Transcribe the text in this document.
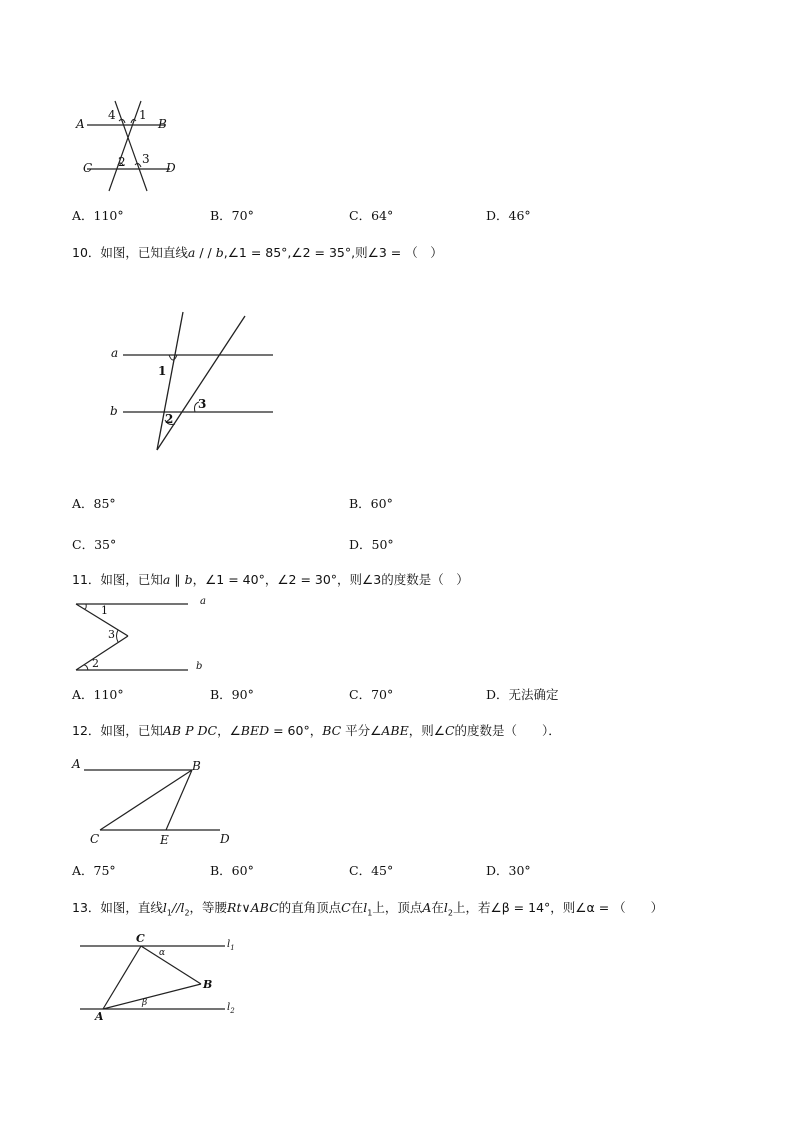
A	B
C	D
1
2 3
4
A．110°	B．70°	C．64°	D．46°
10．如图，已知直线a / / b,∠1 = 85°,∠2 = 35°,则∠3 = （　）
a
b
1
2
3
A．85°	B．60°
C．35°	D．50°
11．如图，已知a ∥ b，∠1 = 40°，∠2 = 30°，则∠3的度数是（　）
1
3
2
a
b
A．110°	B．90°	C．70°	D．无法确定
12．如图，已知AB P DC，∠BED = 60°，BC 平分∠ABE，则∠C的度数是（　　）．
A	B
C	E	D
A．75°	B．60°	C．45°	D．30°
13．如图，直线$l_1//l_2$，等腰Rt∨ABC的直角顶点C在$l_1$上，顶点A在$l_2$上，若∠β = 14°，则∠α = （　　）
C
B
A
α
β
$l_1$
$l_2$
